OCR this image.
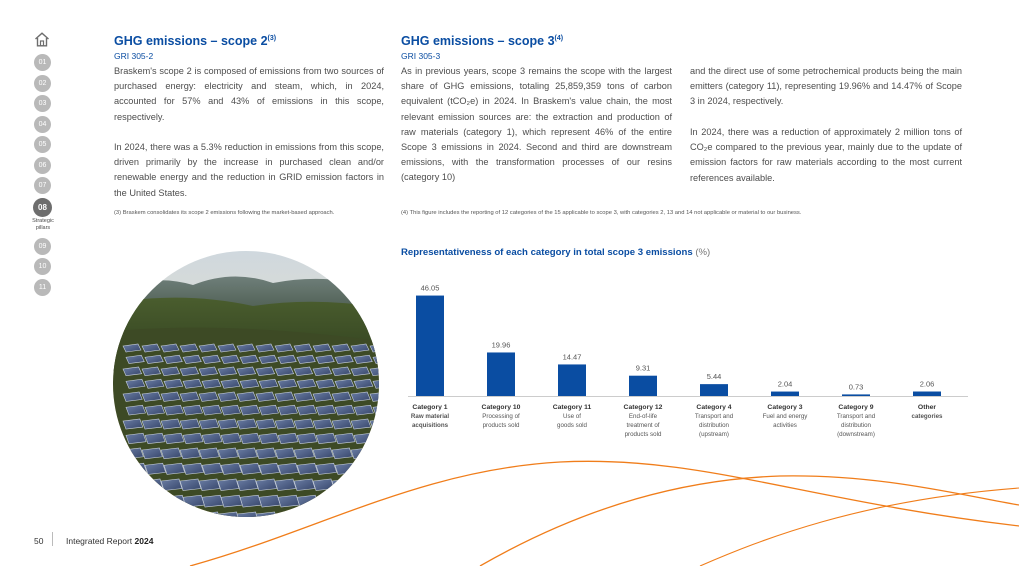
01
02
03
04
05
06
07
08
Strategic pillars
09
10
11
GHG emissions – scope 2$^{(3)}$
GRI 305-2
Braskem's scope 2 is composed of emissions from two sources of purchased energy: electricity and steam, which, in 2024, accounted for 57% and 43% of emissions in this scope, respectively.
In 2024, there was a 5.3% reduction in emissions from this scope, driven primarily by the increase in purchased clean and/or renewable energy and the reduction in GRID emission factors in the United States.
(3) Braskem consolidates its scope 2 emissions following the market-based approach.
GHG emissions – scope 3$^{(4)}$
GRI 305-3
As in previous years, scope 3 remains the scope with the largest share of GHG emissions, totaling 25,859,359 tons of carbon equivalent (tCO₂e) in 2024. In Braskem's value chain, the most relevant emission sources are: the extraction and production of raw materials (category 1), which represent 46% of the entire Scope 3 emissions in 2024. Second and third are downstream emissions, with the transformation processes of our resins (category 10)
and the direct use of some petrochemical products being the main emitters (category 11), representing 19.96% and 14.47% of Scope 3 in 2024, respectively.
In 2024, there was a reduction of approximately 2 million tons of CO₂e compared to the previous year, mainly due to the update of emission factors for raw materials according to the most current references available.
(4) This figure includes the reporting of 12 categories of the 15 applicable to scope 3, with categories 2, 13 and 14 not applicable or material to our business.
Representativeness of each category in total scope 3 emissions (%)
46.05
Category 1
Raw material
acquisitions
19.96
Category 10
Processing of
products sold
14.47
Category 11
Use of
goods sold
9.31
Category 12
End-of-life
treatment of
products sold
5.44
Category 4
Transport and
distribution
(upstream)
2.04
Category 3
Fuel and energy
activities
0.73
Category 9
Transport and
distribution
(downstream)
2.06
Other
categories
50	Integrated Report 2024
